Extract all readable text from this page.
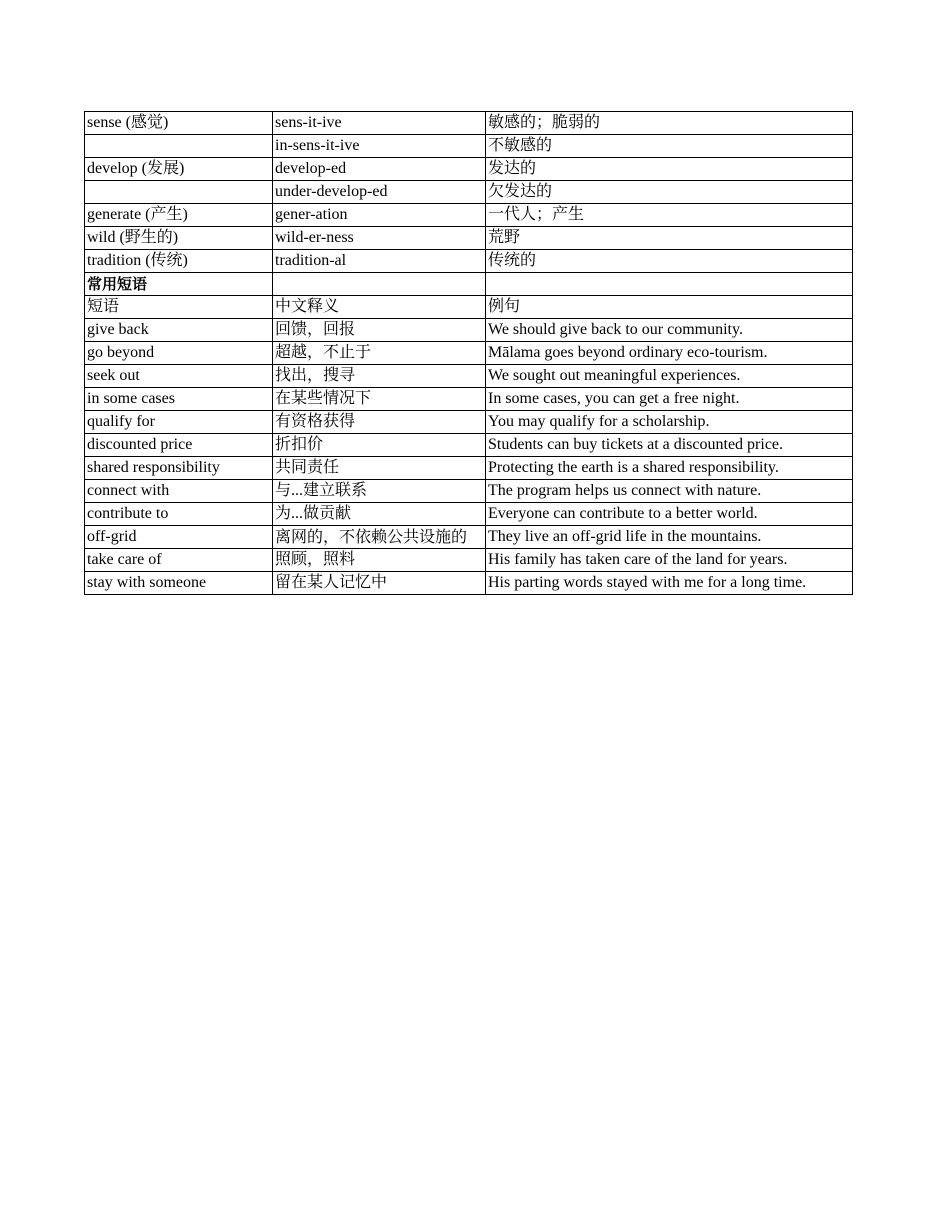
sense (感觉)	sens-it-ive	敏感的；脆弱的
	in-sens-it-ive	不敏感的
develop (发展)	develop-ed	发达的
	under-develop-ed	欠发达的
generate (产生)	gener-ation	一代人；产生
wild (野生的)	wild-er-ness	荒野
tradition (传统)	tradition-al	传统的
常用短语		
短语	中文释义	例句
give back	回馈，回报	We should give back to our community.
go beyond	超越，不止于	Mālama goes beyond ordinary eco-tourism.
seek out	找出，搜寻	We sought out meaningful experiences.
in some cases	在某些情况下	In some cases, you can get a free night.
qualify for	有资格获得	You may qualify for a scholarship.
discounted price	折扣价	Students can buy tickets at a discounted price.
shared responsibility	共同责任	Protecting the earth is a shared responsibility.
connect with	与...建立联系	The program helps us connect with nature.
contribute to	为...做贡献	Everyone can contribute to a better world.
off-grid	离网的，不依赖公共设施的	They live an off-grid life in the mountains.
take care of	照顾，照料	His family has taken care of the land for years.
stay with someone	留在某人记忆中	His parting words stayed with me for a long time.
